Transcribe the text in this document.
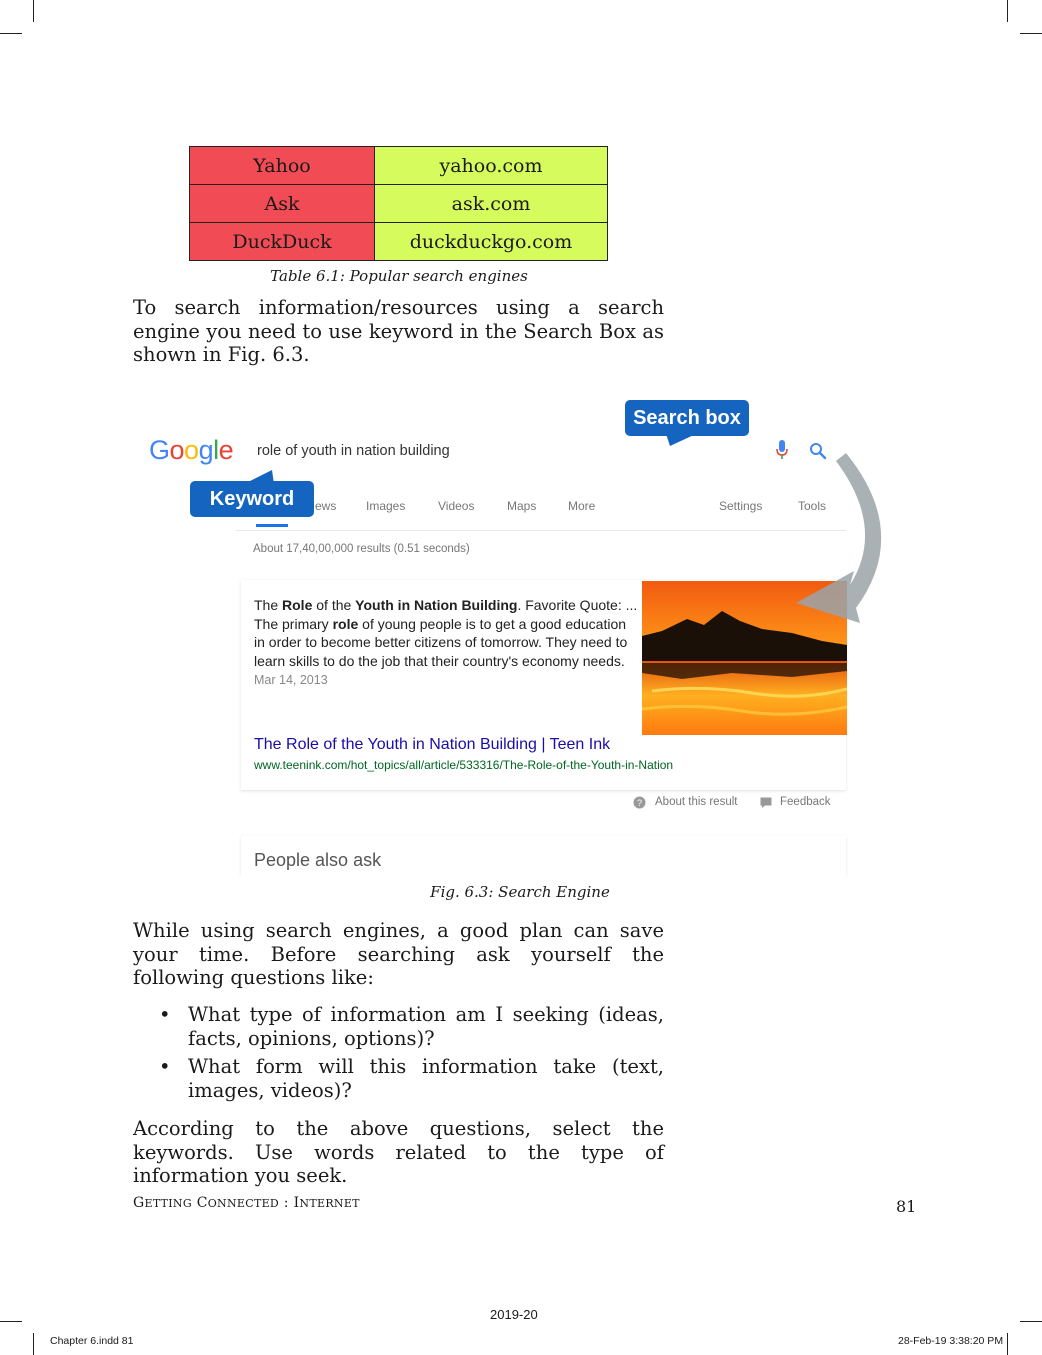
Yahoo	yahoo.com
Ask	ask.com
DuckDuck	duckduckgo.com
Table 6.1: Popular search engines
To search information/resources using a search engine you need to use keyword in the Search Box as shown in Fig. 6.3.
Google role of youth in nation building
ews Images	Videos	Maps	More	Settings	Tools
About 17,40,00,000 results (0.51 seconds)
The Role of the Youth in Nation Building. Favorite Quote: ... The primary role of young people is to get a good education in order to become better citizens of tomorrow. They need to learn skills to do the job that their country's economy needs. Mar 14, 2013
The Role of the Youth in Nation Building | Teen Ink
www.teenink.com/hot_topics/all/article/533316/The-Role-of-the-Youth-in-Nation
? About this result	Feedback
People also ask
Search box
Keyword
Fig. 6.3: Search Engine
While using search engines, a good plan can save your time. Before searching ask yourself the following questions like:
• What type of information am I seeking (ideas, facts, opinions, options)?
• What form will this information take (text, images, videos)?
According to the above questions, select the keywords. Use words related to the type of information you seek.
GETTING CONNECTED : INTERNET	81
2019-20
Chapter 6.indd 81	28-Feb-19 3:38:20 PM
